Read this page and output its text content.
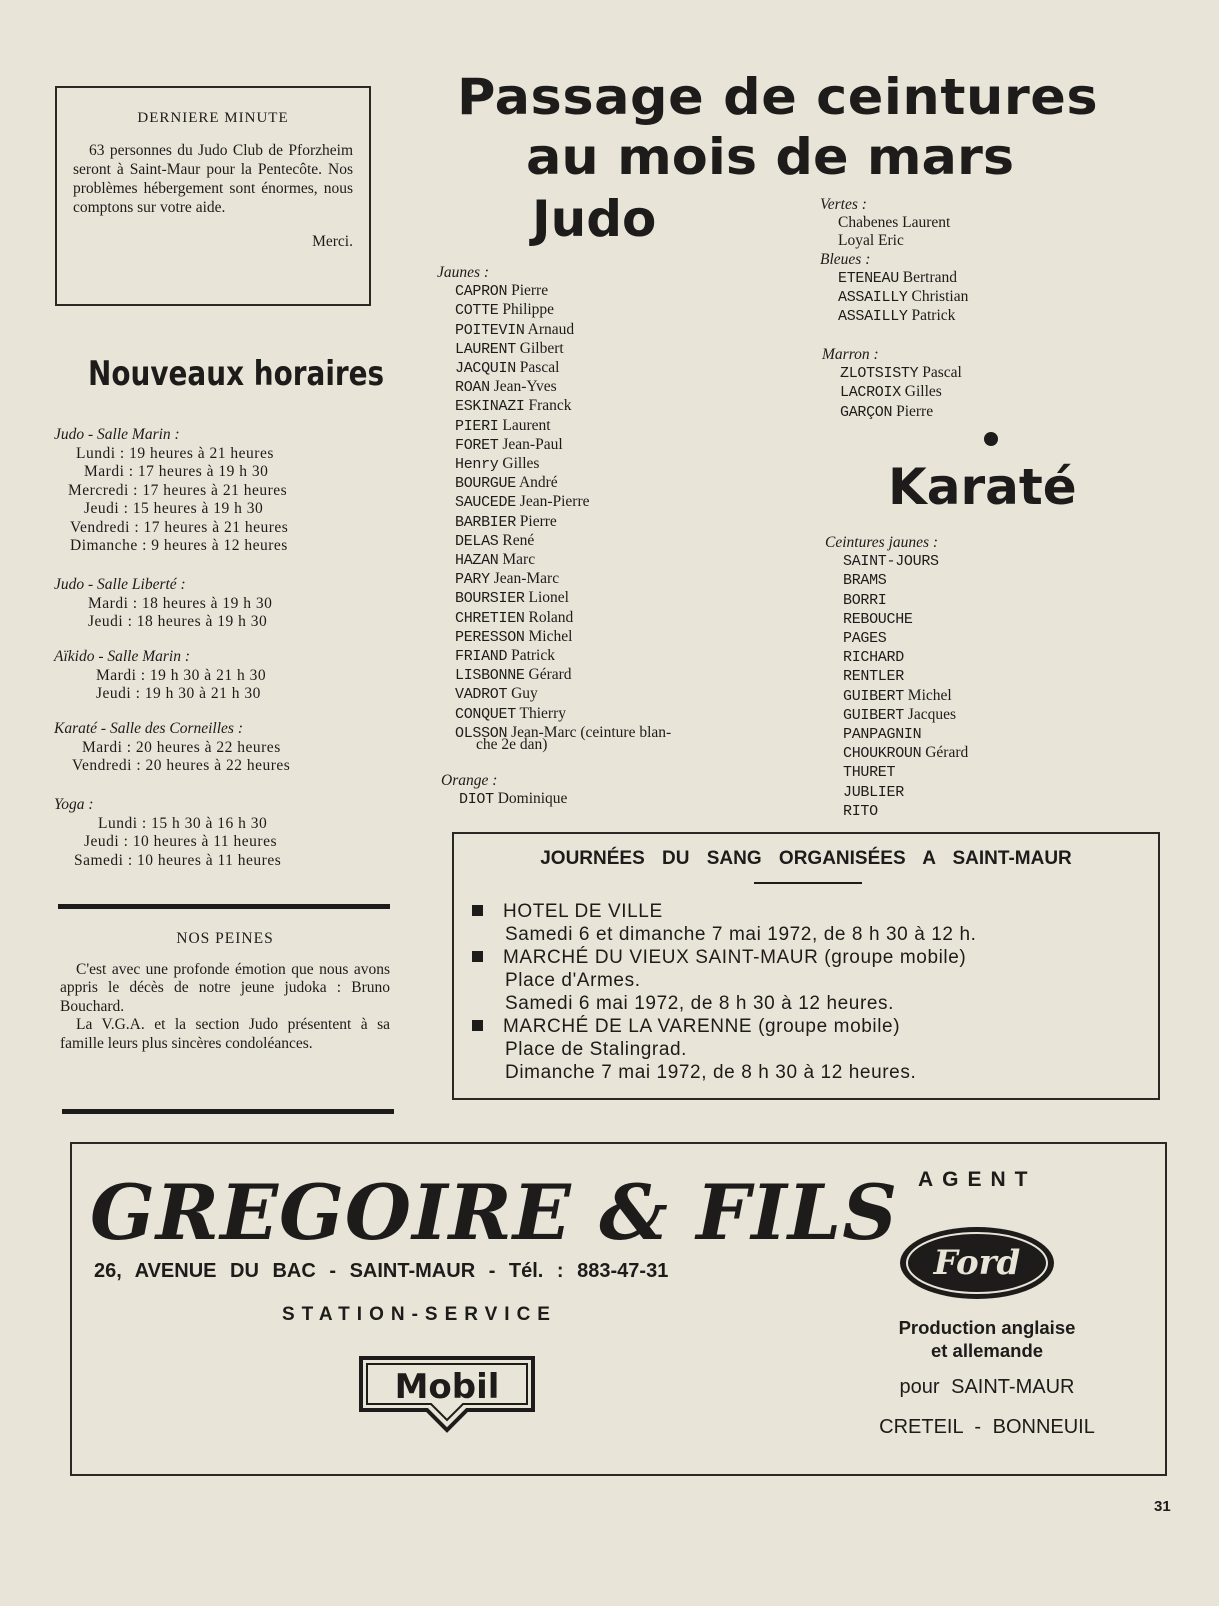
DERNIERE MINUTE
63 personnes du Judo Club de Pforzheim seront à Saint-Maur pour la Pentecôte. Nos problèmes hébergement sont énormes, nous comptons sur votre aide.
Merci.
Passage de ceintures
au mois de mars
Judo
Karaté
Nouveaux horaires
Judo - Salle Marin :
Lundi : 19 heures à 21 heures
Mardi : 17 heures à 19 h 30
Mercredi : 17 heures à 21 heures
Jeudi : 15 heures à 19 h 30
Vendredi : 17 heures à 21 heures
Dimanche : 9 heures à 12 heures
Judo - Salle Liberté :
Mardi : 18 heures à 19 h 30
Jeudi : 18 heures à 19 h 30
Aïkido - Salle Marin :
Mardi : 19 h 30 à 21 h 30
Jeudi : 19 h 30 à 21 h 30
Karaté - Salle des Corneilles :
Mardi : 20 heures à 22 heures
Vendredi : 20 heures à 22 heures
Yoga :
Lundi : 15 h 30 à 16 h 30
Jeudi : 10 heures à 11 heures
Samedi : 10 heures à 11 heures
Jaunes :
CAPRON Pierre
COTTE Philippe
POITEVIN Arnaud
LAURENT Gilbert
JACQUIN Pascal
ROAN Jean-Yves
ESKINAZI Franck
PIERI Laurent
FORET Jean-Paul
Henry Gilles
BOURGUE André
SAUCEDE Jean-Pierre
BARBIER Pierre
DELAS René
HAZAN Marc
PARY Jean-Marc
BOURSIER Lionel
CHRETIEN Roland
PERESSON Michel
FRIAND Patrick
LISBONNE Gérard
VADROT Guy
CONQUET Thierry
OLSSON Jean-Marc (ceinture blan-
che 2e dan)
Orange :
DIOT Dominique
Vertes :
Chabenes Laurent
Loyal Eric
Bleues :
ETENEAU Bertrand
ASSAILLY Christian
ASSAILLY Patrick
Marron :
ZLOTSISTY Pascal
LACROIX Gilles
GARÇON Pierre
Ceintures jaunes :
SAINT-JOURS
BRAMS
BORRI
REBOUCHE
PAGES
RICHARD
RENTLER
GUIBERT Michel
GUIBERT Jacques
PANPAGNIN
CHOUKROUN Gérard
THURET
JUBLIER
RITO
NOS PEINES

C'est avec une profonde émotion que nous avons appris le décès de notre jeune judoka : Bruno Bouchard.

La V.G.A. et la section Judo présentent à sa famille leurs plus sincères condoléances.

JOURNÉES DU SANG ORGANISÉES A SAINT-MAUR
HOTEL DE VILLE
Samedi 6 et dimanche 7 mai 1972, de 8 h 30 à 12 h.
MARCHÉ DU VIEUX SAINT-MAUR (groupe mobile)
Place d'Armes.
Samedi 6 mai 1972, de 8 h 30 à 12 heures.
MARCHÉ DE LA VARENNE (groupe mobile)
Place de Stalingrad.
Dimanche 7 mai 1972, de 8 h 30 à 12 heures.
GREGOIRE & FILS
26, AVENUE DU BAC - SAINT-MAUR - Tél. : 883-47-31
STATION-SERVICE
Mobil
AGENT
Ford
Production anglaise
et allemande
pour SAINT-MAUR
CRETEIL - BONNEUIL
31
